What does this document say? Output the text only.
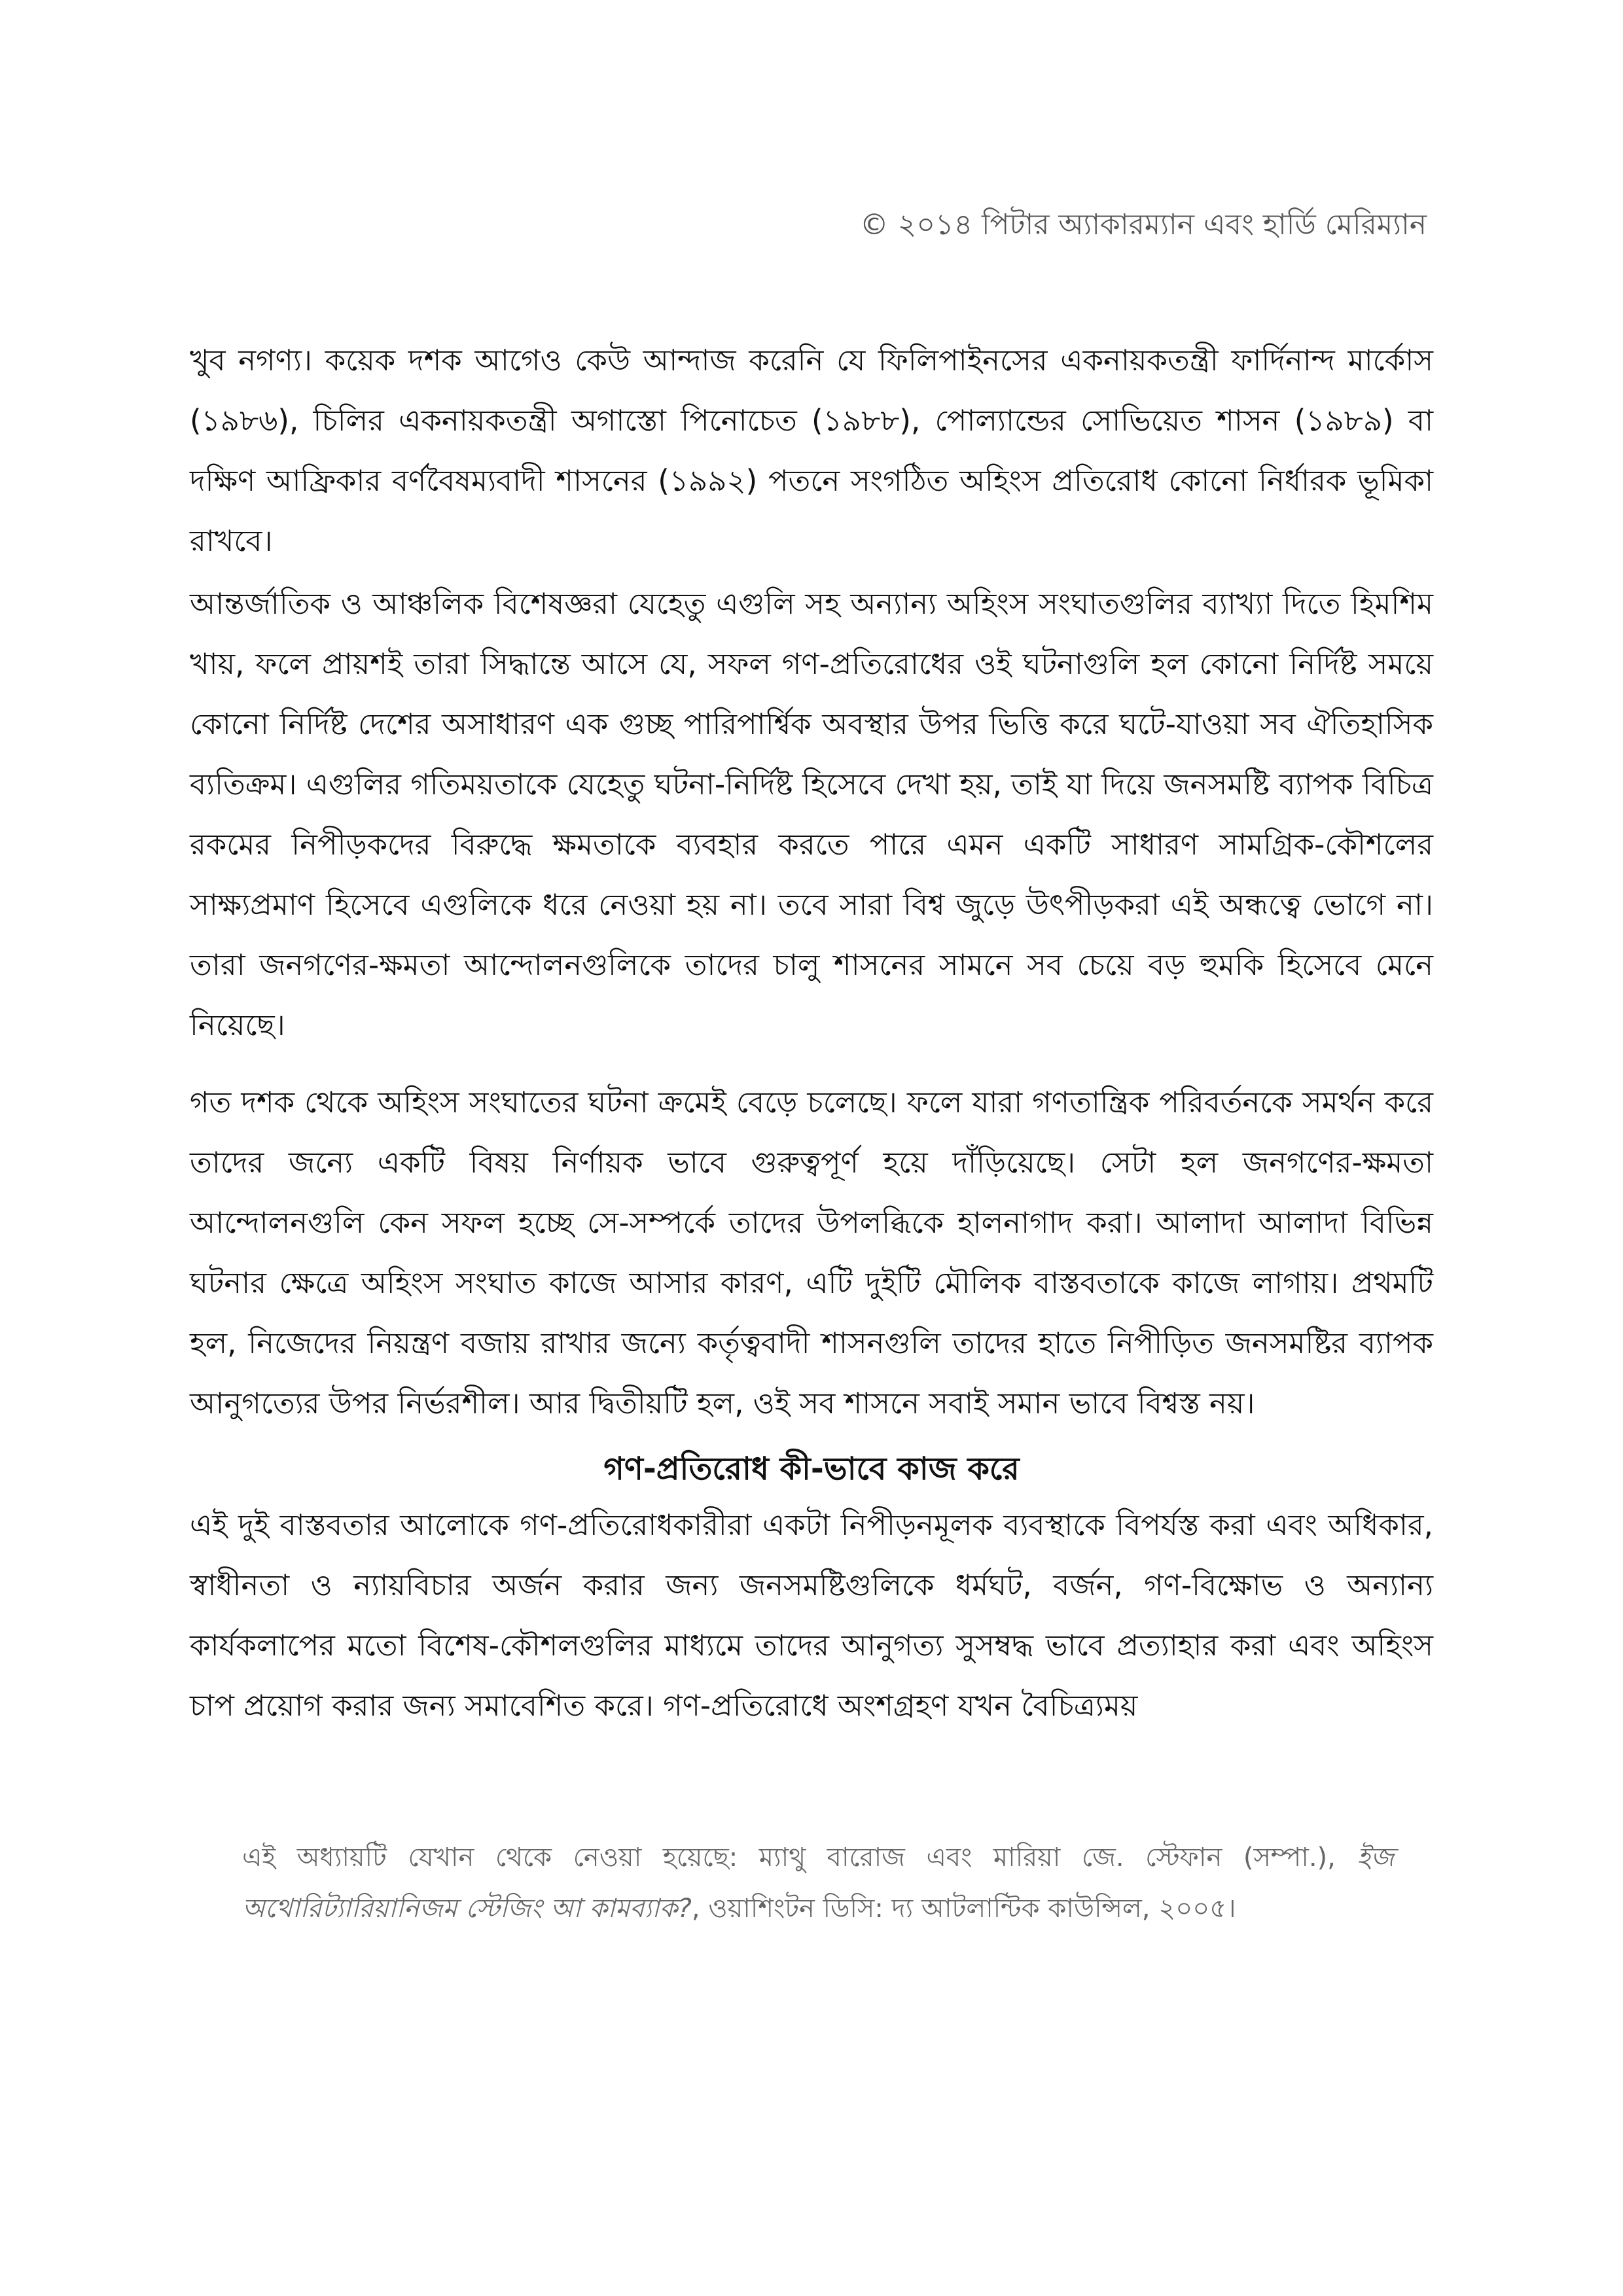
© ২০১৪ পিটার অ্যাকারম্যান এবং হার্ডি মেরিম্যান

খুব নগণ্য। কয়েক দশক আগেও কেউ আন্দাজ করেনি যে ফিলিপাইনসের একনায়কতন্ত্রী ফার্দিনান্দ মার্কোস (১৯৮৬), চিলির একনায়কতন্ত্রী অগাস্তো পিনোচেত (১৯৮৮), পোল্যান্ডের সোভিয়েত শাসন (১৯৮৯) বা দক্ষিণ আফ্রিকার বর্ণবৈষম্যবাদী শাসনের (১৯৯২) পতনে সংগঠিত অহিংস প্রতিরোধ কোনো নির্ধারক ভূমিকা রাখবে।

আন্তর্জাতিক ও আঞ্চলিক বিশেষজ্ঞরা যেহেতু এগুলি সহ অন্যান্য অহিংস সংঘাতগুলির ব্যাখ্যা দিতে হিমশিম খায়, ফলে প্রায়শই তারা সিদ্ধান্তে আসে যে, সফল গণ-প্রতিরোধের ওই ঘটনাগুলি হল কোনো নির্দিষ্ট সময়ে কোনো নির্দিষ্ট দেশের অসাধারণ এক গুচ্ছ পারিপার্শ্বিক অবস্থার উপর ভিত্তি করে ঘটে-যাওয়া সব ঐতিহাসিক ব্যতিক্রম। এগুলির গতিময়তাকে যেহেতু ঘটনা-নির্দিষ্ট হিসেবে দেখা হয়, তাই যা দিয়ে জনসমষ্টি ব্যাপক বিচিত্র রকমের নিপীড়কদের বিরুদ্ধে ক্ষমতাকে ব্যবহার করতে পারে এমন একটি সাধারণ সামগ্রিক-কৌশলের সাক্ষ্যপ্রমাণ হিসেবে এগুলিকে ধরে নেওয়া হয় না। তবে সারা বিশ্ব জুড়ে উৎপীড়করা এই অন্ধত্বে ভোগে না। তারা জনগণের-ক্ষমতা আন্দোলনগুলিকে তাদের চালু শাসনের সামনে সব চেয়ে বড় হুমকি হিসেবে মেনে নিয়েছে।

গত দশক থেকে অহিংস সংঘাতের ঘটনা ক্রমেই বেড়ে চলেছে। ফলে যারা গণতান্ত্রিক পরিবর্তনকে সমর্থন করে তাদের জন্যে একটি বিষয় নির্ণায়ক ভাবে গুরুত্বপূর্ণ হয়ে দাঁড়িয়েছে। সেটা হল জনগণের-ক্ষমতা আন্দোলনগুলি কেন সফল হচ্ছে সে-সম্পর্কে তাদের উপলব্ধিকে হালনাগাদ করা। আলাদা আলাদা বিভিন্ন ঘটনার ক্ষেত্রে অহিংস সংঘাত কাজে আসার কারণ, এটি দুইটি মৌলিক বাস্তবতাকে কাজে লাগায়। প্রথমটি হল, নিজেদের নিয়ন্ত্রণ বজায় রাখার জন্যে কর্তৃত্ববাদী শাসনগুলি তাদের হাতে নিপীড়িত জনসমষ্টির ব্যাপক আনুগত্যের উপর নির্ভরশীল। আর দ্বিতীয়টি হল, ওই সব শাসনে সবাই সমান ভাবে বিশ্বস্ত নয়।

গণ-প্রতিরোধ কী-ভাবে কাজ করে

এই দুই বাস্তবতার আলোকে গণ-প্রতিরোধকারীরা একটা নিপীড়নমূলক ব্যবস্থাকে বিপর্যস্ত করা এবং অধিকার, স্বাধীনতা ও ন্যায়বিচার অর্জন করার জন্য জনসমষ্টিগুলিকে ধর্মঘট, বর্জন, গণ-বিক্ষোভ ও অন্যান্য কার্যকলাপের মতো বিশেষ-কৌশলগুলির মাধ্যমে তাদের আনুগত্য সুসম্বদ্ধ ভাবে প্রত্যাহার করা এবং অহিংস চাপ প্রয়োগ করার জন্য সমাবেশিত করে। গণ-প্রতিরোধে অংশগ্রহণ যখন বৈচিত্র্যময়

এই অধ্যায়টি যেখান থেকে নেওয়া হয়েছে: ম্যাথু বারোজ এবং মারিয়া জে. স্টেফান (সম্পা.), ইজ অথোরিট্যারিয়ানিজম স্টেজিং আ কামব্যাক?, ওয়াশিংটন ডিসি: দ্য আটলান্টিক কাউন্সিল, ২০০৫।
